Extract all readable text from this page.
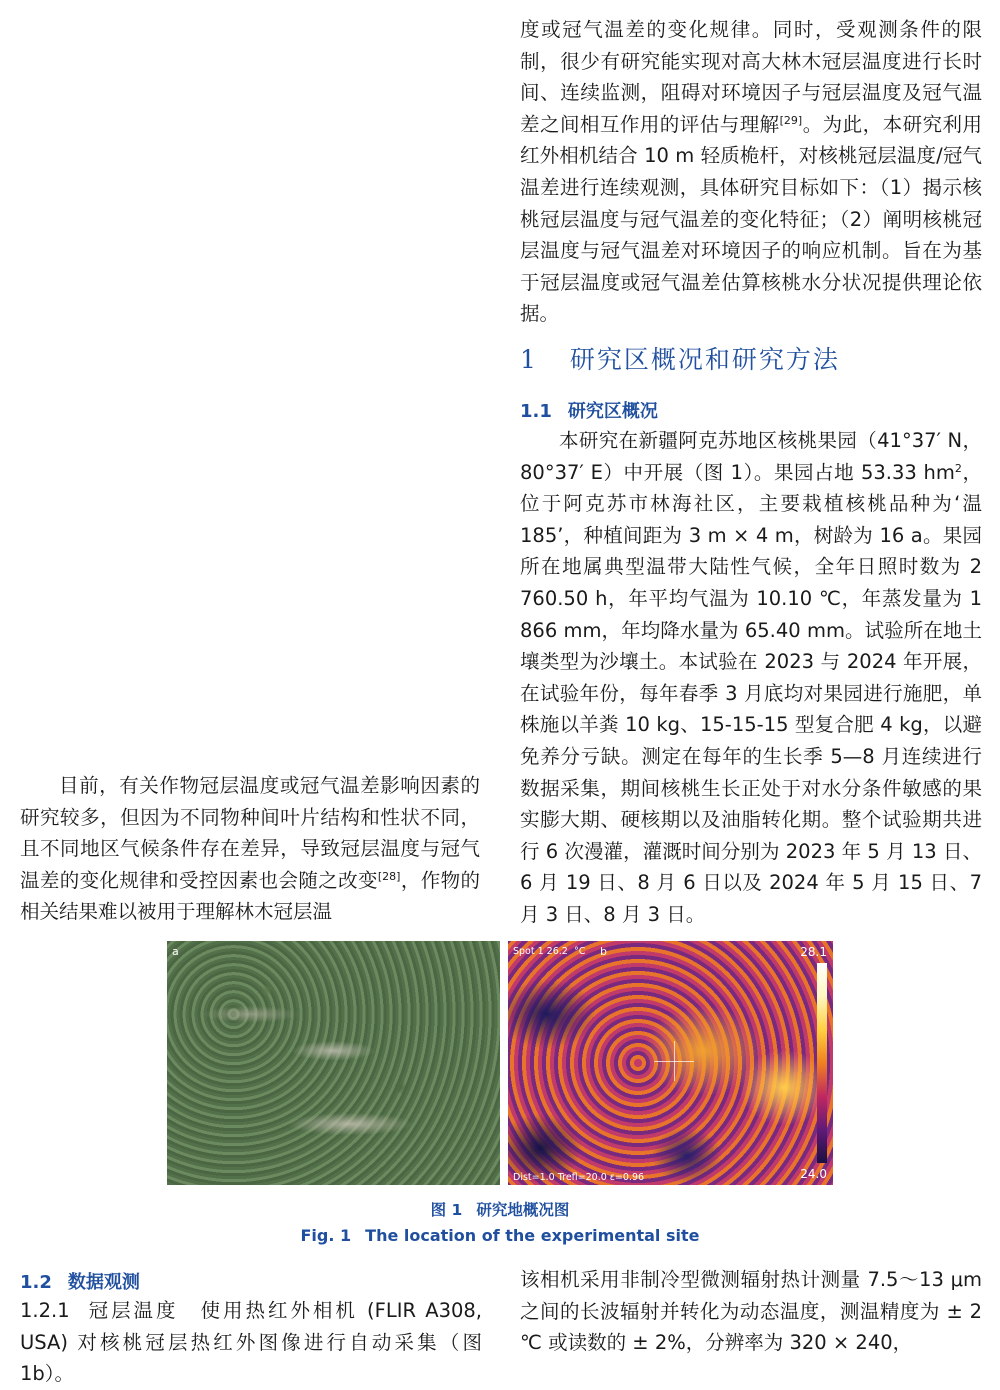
度或冠气温差的变化规律。同时，受观测条件的限制，很少有研究能实现对高大林木冠层温度进行长时间、连续监测，阻碍对环境因子与冠层温度及冠气温差之间相互作用的评估与理解[29]。为此，本研究利用红外相机结合 10 m 轻质桅杆，对核桃冠层温度/冠气温差进行连续观测，具体研究目标如下：（1）揭示核桃冠层温度与冠气温差的变化特征；（2）阐明核桃冠层温度与冠气温差对环境因子的响应机制。旨在为基于冠层温度或冠气温差估算核桃水分状况提供理论依据。

1 研究区概况和研究方法
1.1 研究区概况

本研究在新疆阿克苏地区核桃果园（41°37′ N，80°37′ E）中开展（图 1）。果园占地 53.33 $hm^2$，位于阿克苏市林海社区，主要栽植核桃品种为‘温 185’，种植间距为 3 m × 4 m，树龄为 16 a。果园所在地属典型温带大陆性气候，全年日照时数为 2 760.50 h，年平均气温为 10.10 ℃，年蒸发量为 1 866 mm，年均降水量为 65.40 mm。试验所在地土壤类型为沙壤土。本试验在 2023 与 2024 年开展，在试验年份，每年春季 3 月底均对果园进行施肥，单株施以羊粪 10 kg、15-15-15 型复合肥 4 kg，以避免养分亏缺。测定在每年的生长季 5—8 月连续进行数据采集，期间核桃生长正处于对水分条件敏感的果实膨大期、硬核期以及油脂转化期。整个试验期共进行 6 次漫灌，灌溉时间分别为 2023 年 5 月 13 日、6 月 19 日、8 月 6 日以及 2024 年 5 月 15 日、7 月 3 日、8 月 3 日。

目前，有关作物冠层温度或冠气温差影响因素的研究较多，但因为不同物种间叶片结构和性状不同，且不同地区气候条件存在差异，导致冠层温度与冠气温差的变化规律和受控因素也会随之改变[28]，作物的相关结果难以被用于理解林木冠层温

a	Spot 1 26.2 °C b	28.1
24.0
Dist=1.0 Trefl=20.0 ε=0.96
图 1 研究地概况图
Fig. 1 The location of the experimental site
1.2 数据观测

1.2.1 冠层温度 使用热红外相机 (FLIR A308, USA) 对核桃冠层热红外图像进行自动采集（图 1b）。

该相机采用非制冷型微测辐射热计测量 7.5～13 μm 之间的长波辐射并转化为动态温度，测温精度为 ± 2 ℃ 或读数的 ± 2%，分辨率为 320 × 240，
